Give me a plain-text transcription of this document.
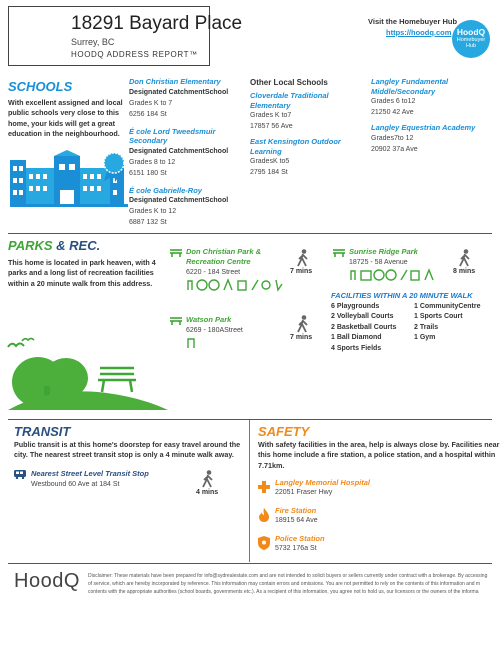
18291 Bayard Place
Surrey, BC
HOODQ ADDRESS REPORT™
Visit the Homebuyer Hub
https://hoodq.com HoodQ
Homebuyer Hub
SCHOOLS
With excellent assigned and local public schools very close to this home, your kids will get a great education in the neighbourhood.
Don Christian Elementary
Designated CatchmentSchool
Grades K to 7
6256 184 St
É cole Lord Tweedsmuir Secondary
Designated CatchmentSchool
Grades 8 to 12
6151 180 St
É cole Gabrielle-Roy
Designated CatchmentSchool
Grades K to 12
6887 132 St
Other Local Schools
Cloverdale Traditional Elementary
Grades K to7
17857 56 Ave
East Kensington Outdoor Learning
GradesK to5
2795 184 St
Langley Fundamental Middle/Secondary
Grades 6 to12
21250 42 Ave
Langley Equestrian Academy
Grades7to 12
20902 37a Ave
PARKS & REC.
This home is located in park heaven, with 4 parks and a long list of recreation facilities within a 20 minute walk from this address.
Don Christian Park & Recreation Centre
6220 - 184 Street	7 mins
Watson Park
6269 - 180AStreet
7 mins
Sunrise Ridge Park
18725 - 58 Avenue
8 mins
FACILITIES WITHIN A 20 MINUTE WALK
6 Playgrounds
2 Volleyball Courts
2 Basketball Courts
1 Ball Diamond
4 Sports Fields
1 CommunityCentre
1 Sports Court
2 Trails
1 Gym
TRANSIT
Public transit is at this home's doorstep for easy travel around the city. The nearest street transit stop is only a 4 minute walk away.
Nearest Street Level Transit Stop
Westbound 60 Ave at 184 St
4 mins
SAFETY
With safety facilities in the area, help is always close by. Facilities near this home include a fire station, a police station, and a hospital within 7.71km.
Langley Memorial Hospital
22051 Fraser Hwy
Fire Station
18915 64 Ave
Police Station
5732 176a St
HoodQ Disclaimer: These materials have been prepared for info@sydrealestate.com and are not intended to solicit buyers or sellers currently under contract with a brokerage. By accessing
of service, which are hereby incorporated by reference. This information may contain errors and omissions. You are not permitted to rely on the contents of this information and m
contents with the appropriate authorities (school boards, governments etc.). As a recipient of this information, you agree not to hold us, our licensors or the owners of the informa
